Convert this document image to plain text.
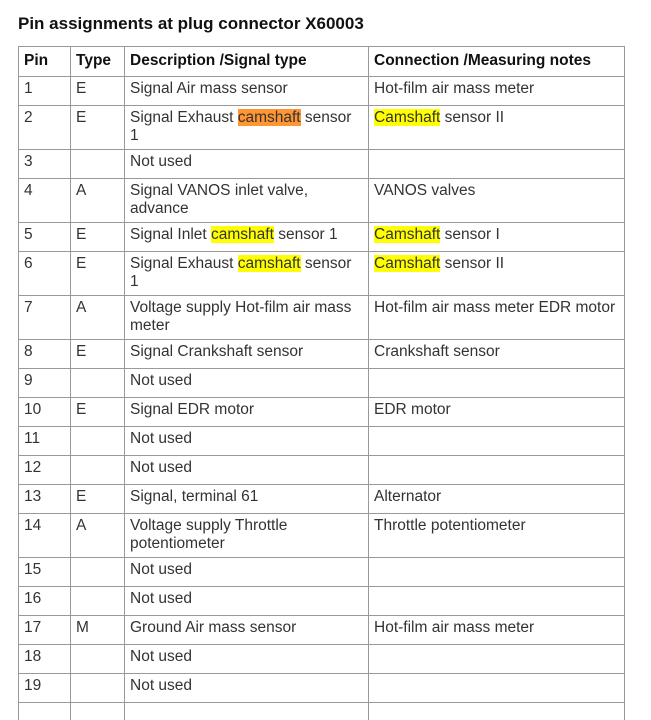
Pin assignments at plug connector X60003
Pin	Type	Description /Signal type	Connection /Measuring notes
1	E	Signal Air mass sensor	Hot-film air mass meter
2	E	Signal Exhaust camshaft sensor 1	Camshaft sensor II
3		Not used	
4	A	Signal VANOS inlet valve, advance	VANOS valves
5	E	Signal Inlet camshaft sensor 1	Camshaft sensor I
6	E	Signal Exhaust camshaft sensor 1	Camshaft sensor II
7	A	Voltage supply Hot-film air mass meter	Hot-film air mass meter EDR motor
8	E	Signal Crankshaft sensor	Crankshaft sensor
9		Not used	
10	E	Signal EDR motor	EDR motor
11		Not used	
12		Not used	
13	E	Signal, terminal 61	Alternator
14	A	Voltage supply Throttle potentiometer	Throttle potentiometer
15		Not used	
16		Not used	
17	M	Ground Air mass sensor	Hot-film air mass meter
18		Not used	
19		Not used	
